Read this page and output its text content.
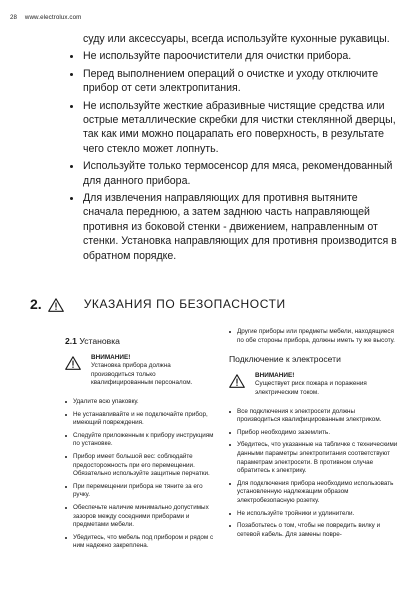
28 www.electrolux.com
суду или аксессуары, всегда используйте кухонные рукавицы.
Не используйте пароочистители для очистки прибора.
Перед выполнением операций о очистке и уходу отключите прибор от сети электропитания.
Не используйте жесткие абразивные чистящие средства или острые металлические скребки для чистки стеклянной дверцы, так как ими можно поцарапать его поверхность, в результате чего стекло может лопнуть.
Используйте только термосенсор для мяса, рекомендованный для данного прибора.
Для извлечения направляющих для противня вытяните сначала переднюю, а затем заднюю часть направляющей противня из боковой стенки - движением, направленным от стенки. Установка направляющих для противня производится в обратном порядке.
2.	УКАЗАНИЯ ПО БЕЗОПАСНОСТИ
2.1 Установка
ВНИМАНИЕ!
Установка прибора должна производиться только квалифицированным персоналом.
Удалите всю упаковку.
Не устанавливайте и не подключайте прибор, имеющий повреждения.
Следуйте приложенным к прибору инструкциям по установке.
Прибор имеет большой вес: соблюдайте предосторожность при его перемещении. Обязательно используйте защитные перчатки.
При перемещении прибора не тяните за его ручку.
Обеспечьте наличие минимально допустимых зазоров между соседними приборами и предметами мебели.
Убедитесь, что мебель под прибором и рядом с ним надежно закреплена.
Другие приборы или предметы мебели, находящиеся по обе стороны прибора, должны иметь ту же высоту.
Подключение к электросети
ВНИМАНИЕ!
Существует риск пожара и поражения электрическим током.
Все подключения к электросети должны производиться квалифицированным электриком.
Прибор необходимо заземлить.
Убедитесь, что указанные на табличке с техническими данными параметры электропитания соответствуют параметрам электросети. В противном случае обратитесь к электрику.
Для подключения прибора необходимо использовать установленную надлежащим образом электробезопасную розетку.
Не используйте тройники и удлинители.
Позаботьтесь о том, чтобы не повредить вилку и сетевой кабель. Для замены повре-
